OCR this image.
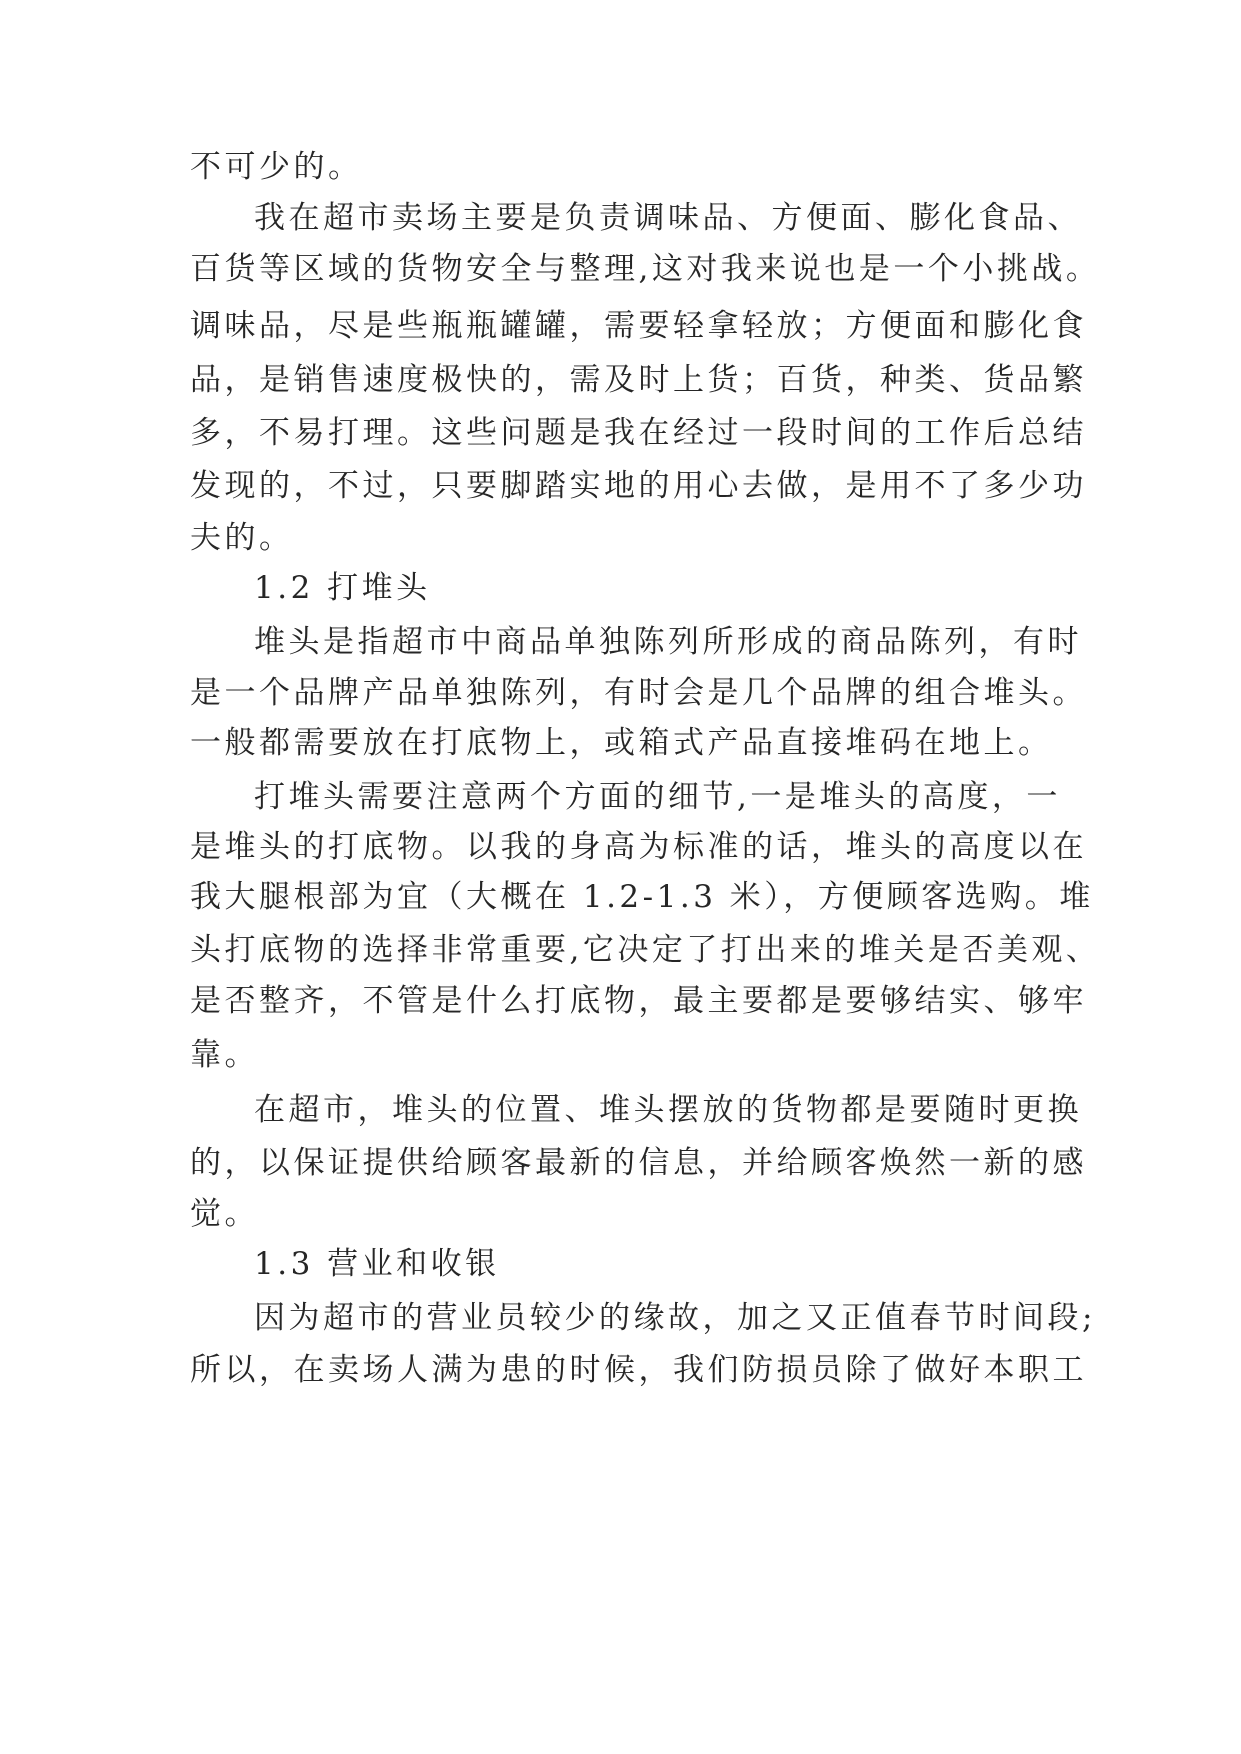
不可少的。

我在超市卖场主要是负责调味品、方便面、膨化食品、

百货等区域的货物安全与整理,这对我来说也是一个小挑战。

调味品，尽是些瓶瓶罐罐，需要轻拿轻放；方便面和膨化食

品，是销售速度极快的，需及时上货；百货，种类、货品繁

多，不易打理。这些问题是我在经过一段时间的工作后总结

发现的，不过，只要脚踏实地的用心去做，是用不了多少功

夫的。

1.2 打堆头

堆头是指超市中商品单独陈列所形成的商品陈列，有时

是一个品牌产品单独陈列，有时会是几个品牌的组合堆头。

一般都需要放在打底物上，或箱式产品直接堆码在地上。

打堆头需要注意两个方面的细节,一是堆头的高度，一

是堆头的打底物。以我的身高为标准的话，堆头的高度以在

我大腿根部为宜（大概在 1.2-1.3 米），方便顾客选购。堆

头打底物的选择非常重要,它决定了打出来的堆关是否美观、

是否整齐，不管是什么打底物，最主要都是要够结实、够牢

靠。

在超市，堆头的位置、堆头摆放的货物都是要随时更换

的，以保证提供给顾客最新的信息，并给顾客焕然一新的感

觉。

1.3 营业和收银

因为超市的营业员较少的缘故，加之又正值春节时间段;

所以，在卖场人满为患的时候，我们防损员除了做好本职工
